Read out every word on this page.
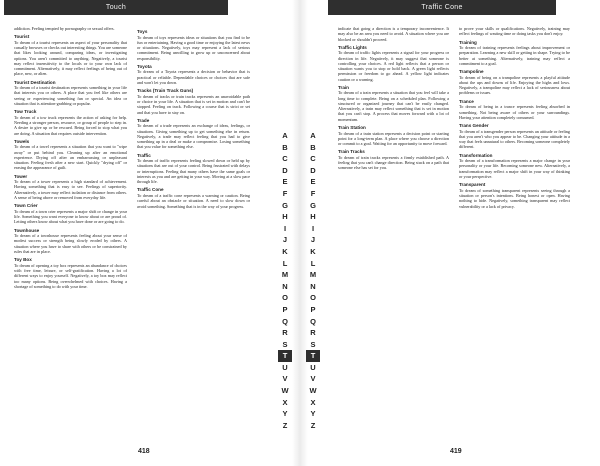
Touch

addiction. Feeling tempted by pornography or sexual offers.

Tourist

To dream of a tourist represents an aspect of your personality that casually browses or checks out interesting things. You are someone that likes looking around, comparing ideas, or investigating options. You aren't committed to anything. Negatively, a tourist may reflect insensitivity to the locals or to your own lack of commitment. Alternatively, it may reflect feelings of being out of place, new, or alien.

Tourist Destination

To dream of a tourist destination represents something in your life that interests you or others. A place that you feel like others are seeing or experiencing something fun or special. An idea or situation that is attention-grabbing or popular.

Tow Truck

To dream of a tow truck represents the action of asking for help. Needing a stronger person, resource, or group of people to step in. A desire to give up or be rescued. Being forced to stop what you are doing. A situation that requires outside intervention.

Towels

To dream of a towel represents a situation that you want to "wipe away" or put behind you. Cleaning up after an emotional experience. Drying off after an embarrassing or unpleasant situation. Feeling fresh after a new start. Quickly "drying off" or erasing the appearance of guilt.

Tower

To dream of a tower represents a high standard of achievement. Having something that is easy to see. Feelings of superiority. Alternatively, a tower may reflect isolation or distance from others. A sense of being above or removed from everyday life.

Town Crier

To dream of a town crier represents a major shift or change in your life. Something you want everyone to know about or are proud of. Letting others know about what you have done or are going to do.

Townhouse

To dream of a townhouse represents feeling about your sense of modest success or strength being slowly eroded by others. A situation where you have to share with others or be constrained by rules that are in place.

Toy Box

To dream of opening a toy box represents an abundance of choices with free time, leisure, or self-gratification. Having a lot of different ways to enjoy yourself. Negatively, a toy box may reflect too many options. Being overwhelmed with choices. Having a shortage of something to do with your time.

Toys

To dream of toys represents ideas or situations that you find to be fun or entertaining. Having a good time or enjoying the latest news or situations. Negatively, toys may represent a lack of serious commitment. Being unwilling to grow up or unconcerned about responsibility.

Toyota

To dream of a Toyota represents a decision or behavior that is practical or reliable. Dependable choices or choices that are safe and won't let you down.

Tracks (Train Track Guns)

To dream of tracks or train tracks represents an unavoidable path or choice in your life. A situation that is set in motion and can't be stopped. Feeling on track. Following a course that is strict or set and that you have to stay on.

Trade

To dream of a trade represents an exchange of ideas, feelings, or situations. Giving something up to get something else in return. Negatively, a trade may reflect feeling that you had to give something up in a deal or make a compromise. Losing something that you value for something else.

Traffic

To dream of traffic represents feeling slowed down or held up by situations that are out of your control. Being frustrated with delays or interruptions. Feeling that many others have the same goals or interests as you and are getting in your way. Moving at a slow pace through life.

Traffic Cone

To dream of a traffic cone represents a warning or caution. Being careful about an obstacle or situation. A need to slow down or avoid something. Something that is in the way of your progress.

A
B
C
D
E
F
G
H
I
J
K
L
M
N
O
P
Q
R
S
T
U
V
W
X
Y
Z
418
Traffic Cone

indicate that going a direction is a temporary inconvenience. It may also be an area you need to avoid. A situation where you are blocked or shouldn't proceed.

Traffic Lights

To dream of traffic lights represents a signal for your progress or direction in life. Negatively, it may suggest that someone is controlling your choices. A red light reflects that a person or situation wants you to stop or hold back. A green light reflects permission or freedom to go ahead. A yellow light indicates caution or a warning.

Train

To dream of a train represents a situation that you feel will take a long time to complete. Being on a scheduled plan. Following a structured or organized journey that can't be easily changed. Alternatively, a train may reflect something that is set in motion that you can't stop. A process that moves forward with a lot of momentum.

Train Station

To dream of a train station represents a decision point or starting point for a long-term plan. A place where you choose a direction or commit to a goal. Waiting for an opportunity to move forward.

Train Tracks

To dream of train tracks represents a firmly established path. A feeling that you can't change direction. Being stuck on a path that someone else has set for you.

to prove your skills or qualifications. Negatively, training may reflect feelings of wasting time or doing tasks you don't enjoy.

Training

To dream of training represents feelings about improvement or preparation. Learning a new skill or getting in shape. Trying to be better at something. Alternatively, training may reflect a commitment to a goal.

Trampoline

To dream of being on a trampoline represents a playful attitude about the ups and downs of life. Enjoying the highs and lows. Negatively, a trampoline may reflect a lack of seriousness about problems or issues.

Trance

To dream of being in a trance represents feeling absorbed in something. Not being aware of others or your surroundings. Having your attention completely consumed.

Trans Gender

To dream of a transgender person represents an attitude or feeling that you aren't who you appear to be. Changing your attitude in a way that feels unnatural to others. Becoming someone completely different.

Transformation

To dream of a transformation represents a major change in your personality or your life. Becoming someone new. Alternatively, a transformation may reflect a major shift in your way of thinking or your perspective.

Transparent

To dream of something transparent represents seeing through a situation or person's intentions. Being honest or open. Having nothing to hide. Negatively, something transparent may reflect vulnerability or a lack of privacy.

A
B
C
D
E
F
G
H
I
J
K
L
M
N
O
P
Q
R
S
T
U
V
W
X
Y
Z
419
